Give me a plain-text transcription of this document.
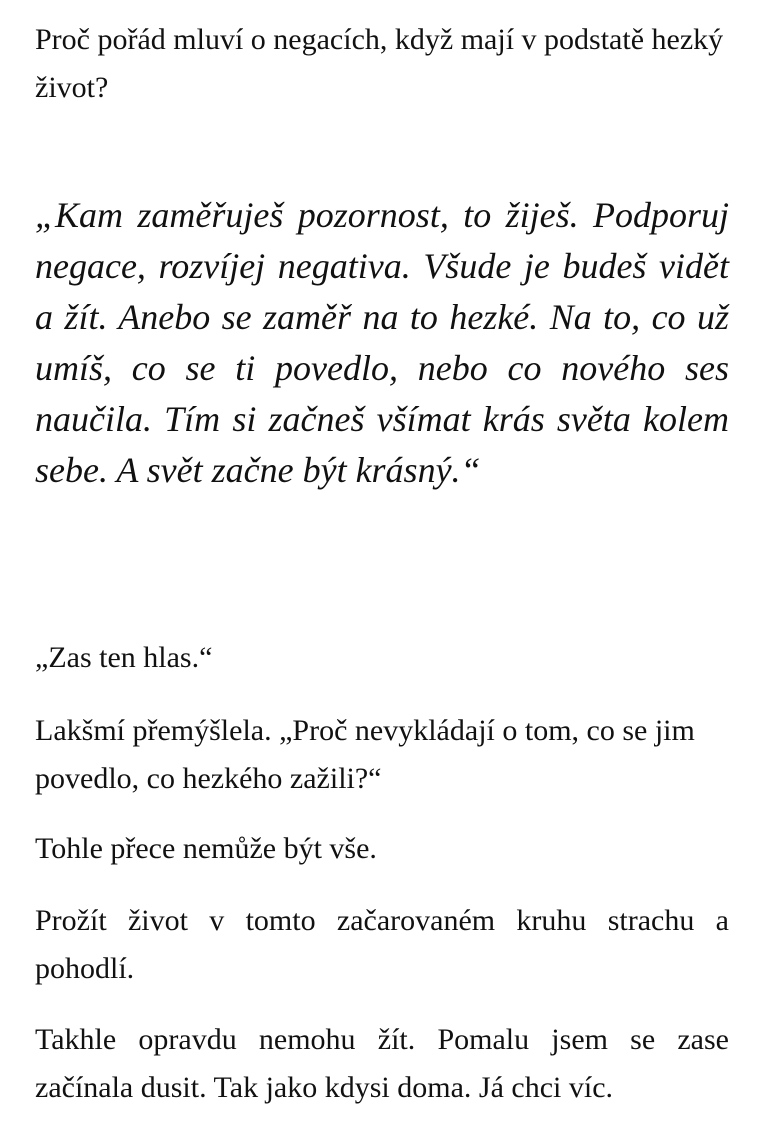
Proč pořád mluví o negacích, když mají v podstatě hezký život?

„Kam zaměřuješ pozornost, to žiješ. Podporuj negace, rozvíjej negativa. Všude je budeš vidět a žít. Anebo se zaměř na to hezké. Na to, co už umíš, co se ti povedlo, nebo co nového ses naučila. Tím si začneš všímat krás světa kolem sebe. A svět začne být krásný.“

„Zas ten hlas.“

Lakšmí přemýšlela. „Proč nevykládají o tom, co se jim povedlo, co hezkého zažili?“

Tohle přece nemůže být vše.

Prožít život v tomto začarovaném kruhu strachu a pohodlí.

Takhle opravdu nemohu žít. Pomalu jsem se zase začínala dusit. Tak jako kdysi doma. Já chci víc.
